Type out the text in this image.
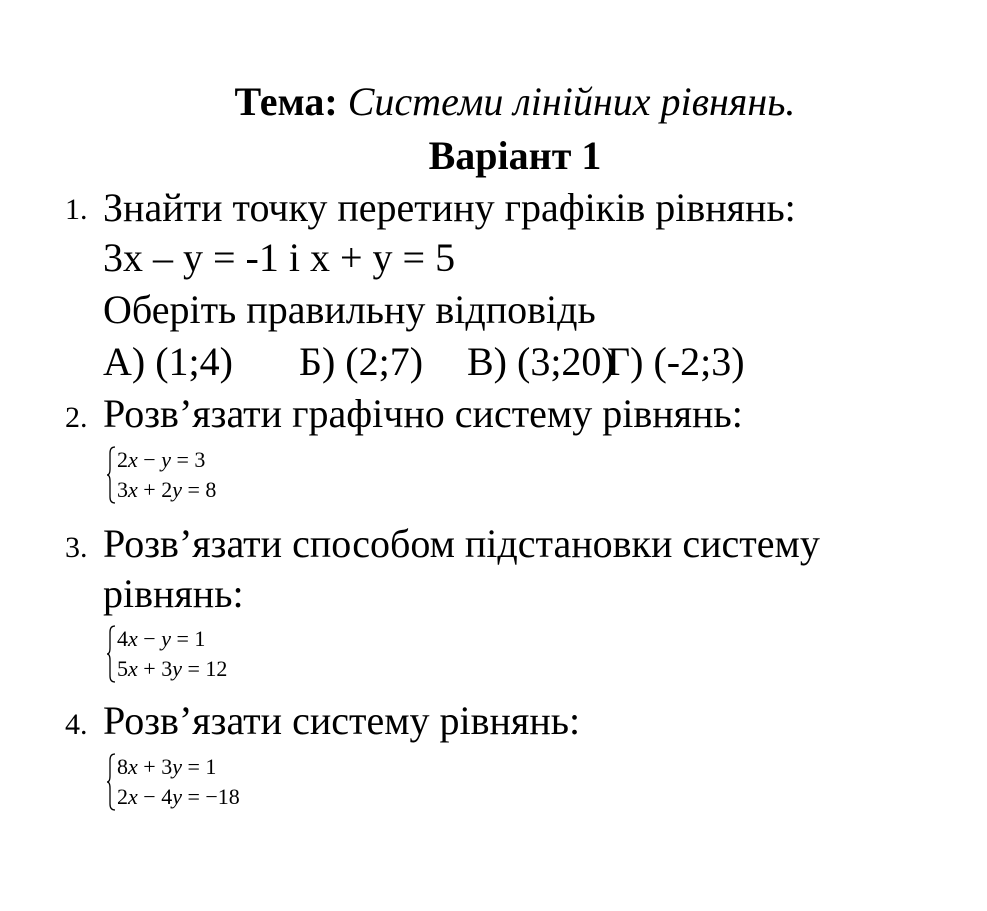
Тема: Системи лінійних рівнянь.
Варіант 1
1. Знайти точку перетину графіків рівнянь:
3х – у = -1 і х + у = 5
Оберіть правильну відповідь
А) (1;4) Б) (2;7) В) (3;20)Г) (-2;3)
2. Розв’язати графічно систему рівнянь:
2x − y = 3
3x + 2y = 8
3. Розв’язати способом підстановки систему
рівнянь:
4x − y = 1
5x + 3y = 12
4. Розв’язати систему рівнянь:
8x + 3y = 1
2x − 4y = −18
